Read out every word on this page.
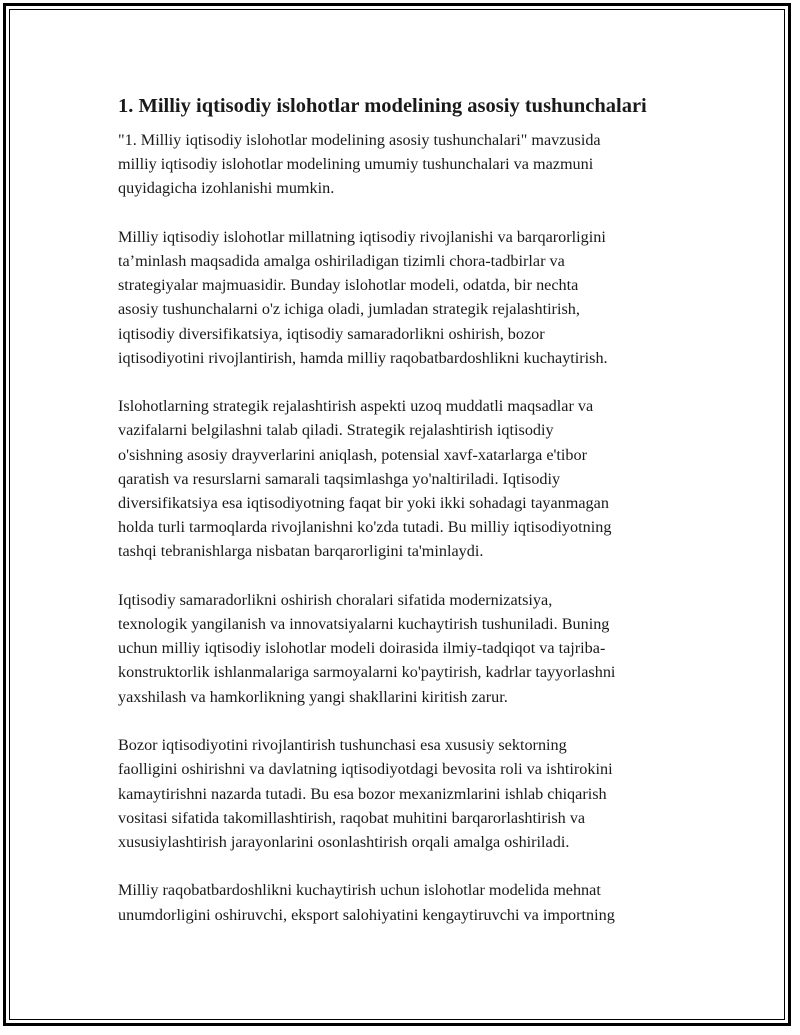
1. Milliy iqtisodiy islohotlar modelining asosiy tushunchalari
"1. Milliy iqtisodiy islohotlar modelining asosiy tushunchalari" mavzusida
milliy iqtisodiy islohotlar modelining umumiy tushunchalari va mazmuni
quyidagicha izohlanishi mumkin.
Milliy iqtisodiy islohotlar millatning iqtisodiy rivojlanishi va barqarorligini
ta’minlash maqsadida amalga oshiriladigan tizimli chora-tadbirlar va
strategiyalar majmuasidir. Bunday islohotlar modeli, odatda, bir nechta
asosiy tushunchalarni o'z ichiga oladi, jumladan strategik rejalashtirish,
iqtisodiy diversifikatsiya, iqtisodiy samaradorlikni oshirish, bozor
iqtisodiyotini rivojlantirish, hamda milliy raqobatbardoshlikni kuchaytirish.
Islohotlarning strategik rejalashtirish aspekti uzoq muddatli maqsadlar va
vazifalarni belgilashni talab qiladi. Strategik rejalashtirish iqtisodiy
o'sishning asosiy drayverlarini aniqlash, potensial xavf-xatarlarga e'tibor
qaratish va resurslarni samarali taqsimlashga yo'naltiriladi. Iqtisodiy
diversifikatsiya esa iqtisodiyotning faqat bir yoki ikki sohadagi tayanmagan
holda turli tarmoqlarda rivojlanishni ko'zda tutadi. Bu milliy iqtisodiyotning
tashqi tebranishlarga nisbatan barqarorligini ta'minlaydi.
Iqtisodiy samaradorlikni oshirish choralari sifatida modernizatsiya,
texnologik yangilanish va innovatsiyalarni kuchaytirish tushuniladi. Buning
uchun milliy iqtisodiy islohotlar modeli doirasida ilmiy-tadqiqot va tajriba-
konstruktorlik ishlanmalariga sarmoyalarni ko'paytirish, kadrlar tayyorlashni
yaxshilash va hamkorlikning yangi shakllarini kiritish zarur.
Bozor iqtisodiyotini rivojlantirish tushunchasi esa xususiy sektorning
faolligini oshirishni va davlatning iqtisodiyotdagi bevosita roli va ishtirokini
kamaytirishni nazarda tutadi. Bu esa bozor mexanizmlarini ishlab chiqarish
vositasi sifatida takomillashtirish, raqobat muhitini barqarorlashtirish va
xususiylashtirish jarayonlarini osonlashtirish orqali amalga oshiriladi.
Milliy raqobatbardoshlikni kuchaytirish uchun islohotlar modelida mehnat
unumdorligini oshiruvchi, eksport salohiyatini kengaytiruvchi va importning
